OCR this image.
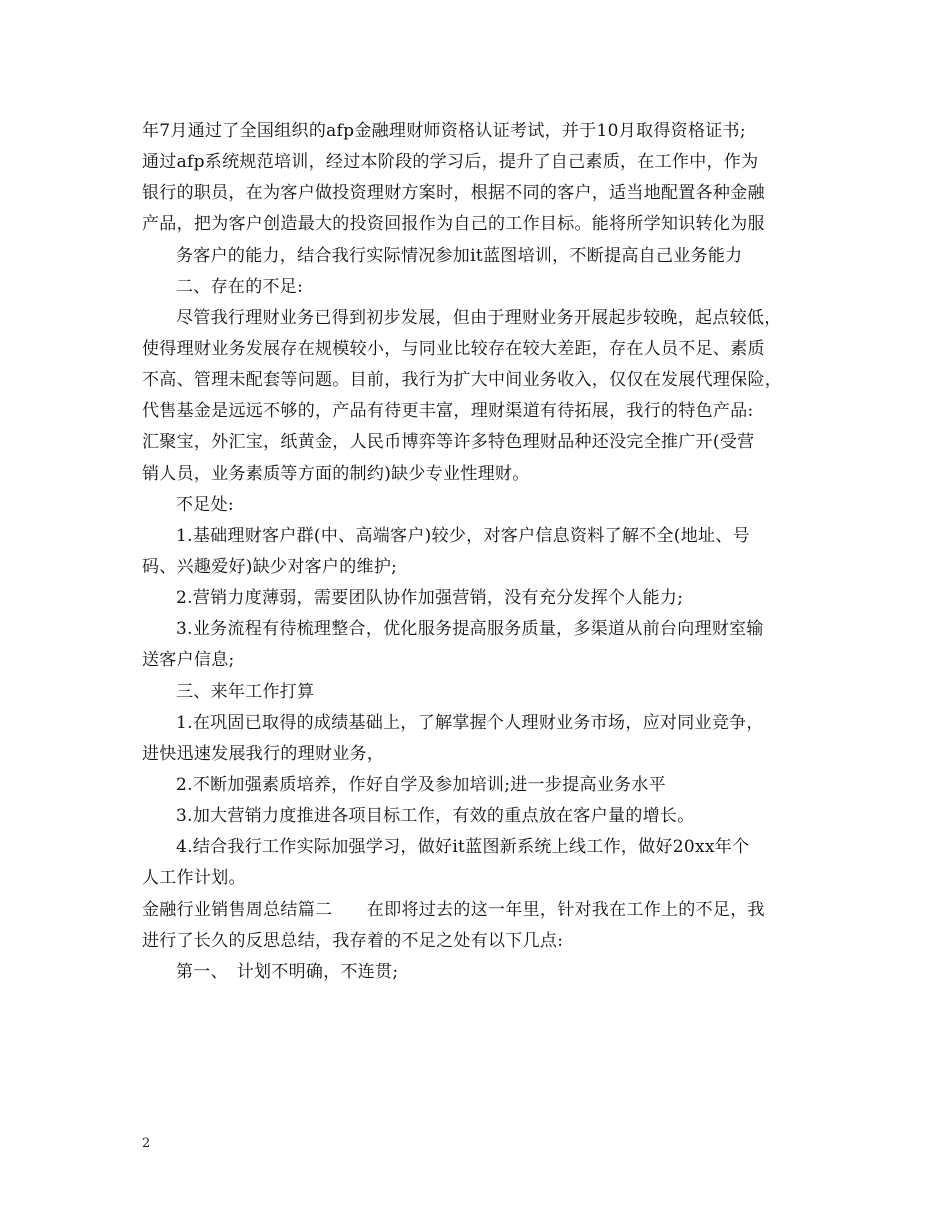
年7月通过了全国组织的afp金融理财师资格认证考试，并于10月取得资格证书;
通过afp系统规范培训，经过本阶段的学习后，提升了自己素质，在工作中，作为
银行的职员，在为客户做投资理财方案时，根据不同的客户，适当地配置各种金融
产品，把为客户创造最大的投资回报作为自己的工作目标。能将所学知识转化为服
务客户的能力，结合我行实际情况参加it蓝图培训，不断提高自己业务能力
二、存在的不足:
尽管我行理财业务已得到初步发展，但由于理财业务开展起步较晚，起点较低，
使得理财业务发展存在规模较小，与同业比较存在较大差距，存在人员不足、素质
不高、管理未配套等问题。目前，我行为扩大中间业务收入，仅仅在发展代理保险，
代售基金是远远不够的，产品有待更丰富，理财渠道有待拓展，我行的特色产品:
汇聚宝，外汇宝，纸黄金，人民币博弈等许多特色理财品种还没完全推广开(受营
销人员，业务素质等方面的制约)缺少专业性理财。
不足处:
1.基础理财客户群(中、高端客户)较少，对客户信息资料了解不全(地址、号
码、兴趣爱好)缺少对客户的维护;
2.营销力度薄弱，需要团队协作加强营销，没有充分发挥个人能力;
3.业务流程有待梳理整合，优化服务提高服务质量，多渠道从前台向理财室输
送客户信息;
三、来年工作打算
1.在巩固已取得的成绩基础上，了解掌握个人理财业务市场，应对同业竞争，
进快迅速发展我行的理财业务，
2.不断加强素质培养，作好自学及参加培训;进一步提高业务水平
3.加大营销力度推进各项目标工作，有效的重点放在客户量的增长。
4.结合我行工作实际加强学习，做好it蓝图新系统上线工作，做好20xx年个
人工作计划。
金融行业销售周总结篇二　　在即将过去的这一年里，针对我在工作上的不足，我
进行了长久的反思总结，我存着的不足之处有以下几点:
第一、　计划不明确，不连贯;
2
